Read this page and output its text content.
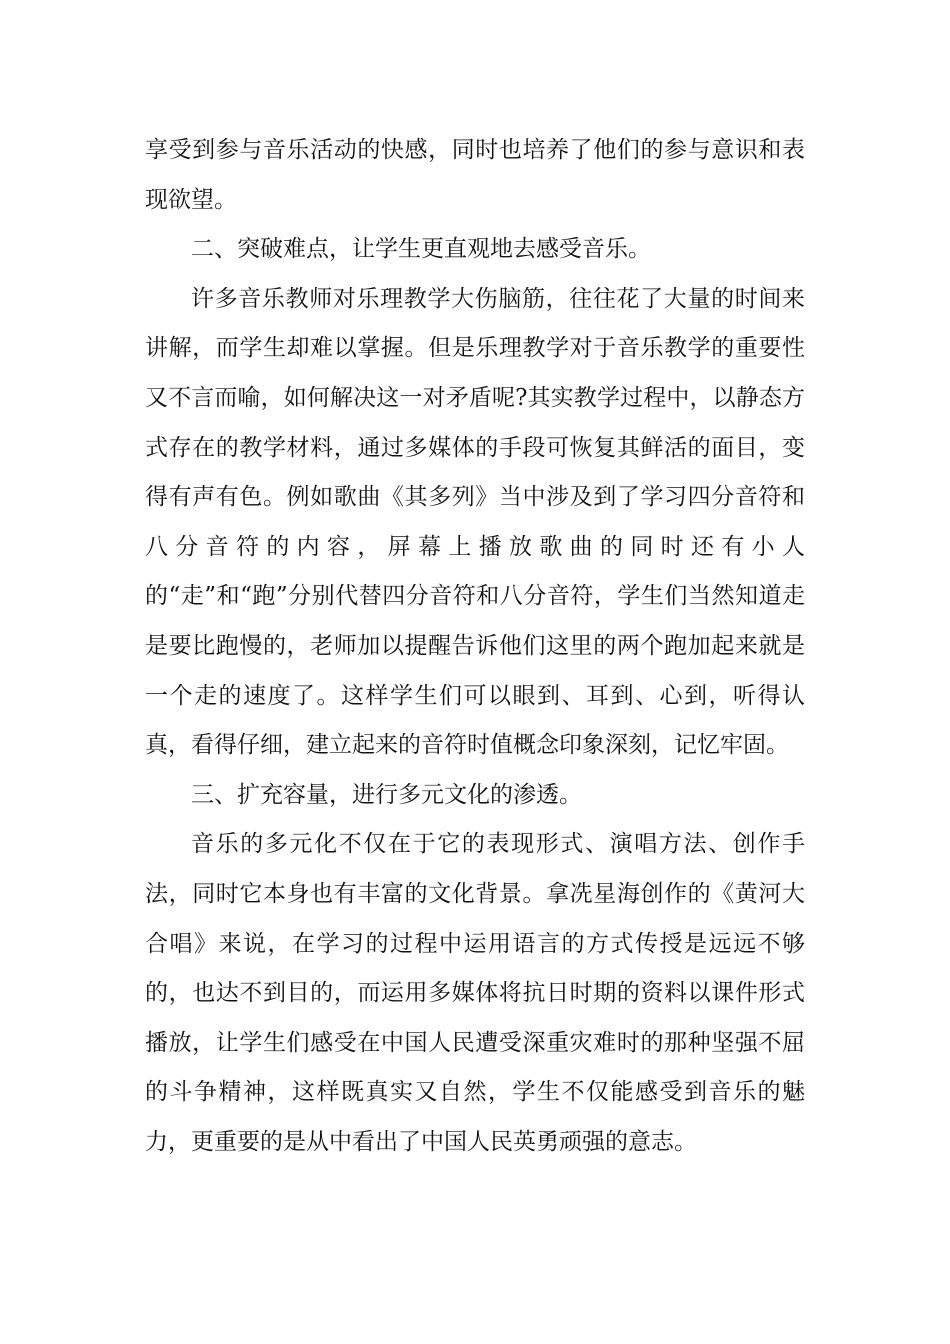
享受到参与音乐活动的快感，同时也培养了他们的参与意识和表现欲望。

二、突破难点，让学生更直观地去感受音乐。

许多音乐教师对乐理教学大伤脑筋，往往花了大量的时间来讲解，而学生却难以掌握。但是乐理教学对于音乐教学的重要性又不言而喻，如何解决这一对矛盾呢?其实教学过程中，以静态方式存在的教学材料，通过多媒体的手段可恢复其鲜活的面目，变得有声有色。例如歌曲《其多列》当中涉及到了学习四分音符和八分音符的内容，屏幕上播放歌曲的同时还有小人的“走”和“跑”分别代替四分音符和八分音符，学生们当然知道走是要比跑慢的，老师加以提醒告诉他们这里的两个跑加起来就是一个走的速度了。这样学生们可以眼到、耳到、心到，听得认真，看得仔细，建立起来的音符时值概念印象深刻，记忆牢固。

三、扩充容量，进行多元文化的渗透。

音乐的多元化不仅在于它的表现形式、演唱方法、创作手法，同时它本身也有丰富的文化背景。拿冼星海创作的《黄河大合唱》来说，在学习的过程中运用语言的方式传授是远远不够的，也达不到目的，而运用多媒体将抗日时期的资料以课件形式播放，让学生们感受在中国人民遭受深重灾难时的那种坚强不屈的斗争精神，这样既真实又自然，学生不仅能感受到音乐的魅力，更重要的是从中看出了中国人民英勇顽强的意志。
